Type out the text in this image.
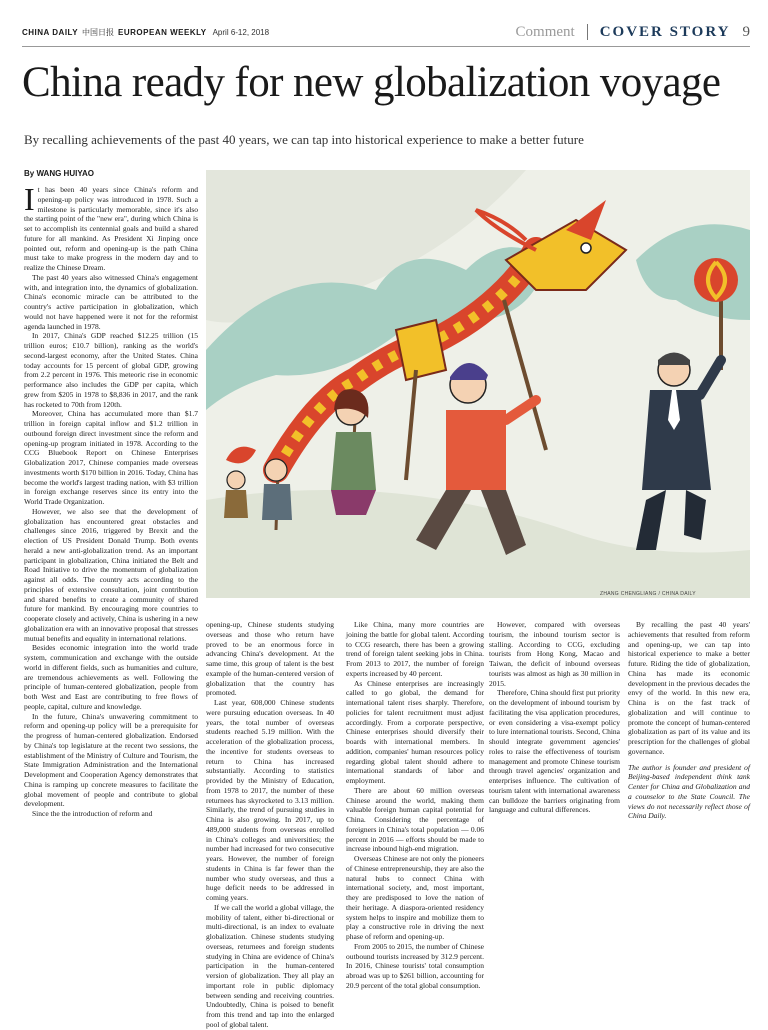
CHINA DAILY 中国日报 EUROPEAN WEEKLY April 6-12, 2018	Comment COVER STORY 9
China ready for new globalization voyage
By recalling achievements of the past 40 years, we can tap into historical experience to make a better future
By WANG HUIYAO

It has been 40 years since China's reform and opening-up policy was introduced in 1978. Such a milestone is particularly memorable, since it's also the starting point of the "new era", during which China is set to accomplish its centennial goals and build a shared future for all mankind. As President Xi Jinping once pointed out, reform and opening-up is the path China must take to make progress in the modern day and to realize the Chinese Dream.

The past 40 years also witnessed China's engagement with, and integration into, the dynamics of globalization. China's economic miracle can be attributed to the country's active participation in globalization, which would not have happened were it not for the reformist agenda launched in 1978.

In 2017, China's GDP reached $12.25 trillion (15 trillion euros; £10.7 billion), ranking as the world's second-largest economy, after the United States. China today accounts for 15 percent of global GDP, growing from 2.2 percent in 1976. This meteoric rise in economic performance also includes the GDP per capita, which grew from $205 in 1978 to $8,836 in 2017, and the rank has rocketed to 70th from 120th.

Moreover, China has accumulated more than $1.7 trillion in foreign capital inflow and $1.2 trillion in outbound foreign direct investment since the reform and opening-up program initiated in 1978. According to the CCG Bluebook Report on Chinese Enterprises Globalization 2017, Chinese companies made overseas investments worth $170 billion in 2016. Today, China has become the world's largest trading nation, with $3 trillion in foreign exchange reserves since its entry into the World Trade Organization.

However, we also see that the development of globalization has encountered great obstacles and challenges since 2016, triggered by Brexit and the election of US President Donald Trump. Both events herald a new anti-globalization trend. As an important participant in globalization, China initiated the Belt and Road Initiative to drive the momentum of globalization against all odds. The country acts according to the principles of extensive consultation, joint contribution and shared benefits to create a community of shared future for mankind. By encouraging more countries to cooperate closely and actively, China is ushering in a new globalization era with an innovative proposal that stresses mutual benefits and equality in international relations.

Besides economic integration into the world trade system, communication and exchange with the outside world in different fields, such as humanities and culture, are tremendous achievements as well. Following the principle of human-centered globalization, people from both West and East are contributing to free flows of people, capital, culture and knowledge.

In the future, China's unwavering commitment to reform and opening-up policy will be a prerequisite for the progress of human-centered globalization. Endorsed by China's top legislature at the recent two sessions, the establishment of the Ministry of Culture and Tourism, the State Immigration Administration and the International Development and Cooperation Agency demonstrates that China is ramping up concrete measures to facilitate the global movement of people and contribute to global development.

Since the the introduction of reform and

ZHANG CHENGLIANG / CHINA DAILY

opening-up, Chinese students studying overseas and those who return have proved to be an enormous force in advancing China's development. At the same time, this group of talent is the best example of the human-centered version of globalization that the country has promoted.

Last year, 608,000 Chinese students were pursuing education overseas. In 40 years, the total number of overseas students reached 5.19 million. With the acceleration of the globalization process, the incentive for students overseas to return to China has increased substantially. According to statistics provided by the Ministry of Education, from 1978 to 2017, the number of these returnees has skyrocketed to 3.13 million. Similarly, the trend of pursuing studies in China is also growing. In 2017, up to 489,000 students from overseas enrolled in China's colleges and universities; the number had increased for two consecutive years. However, the number of foreign students in China is far fewer than the number who study overseas, and thus a huge deficit needs to be addressed in coming years.

If we call the world a global village, the mobility of talent, either bi-directional or multi-directional, is an index to evaluate globalization. Chinese students studying overseas, returnees and foreign students studying in China are evidence of China's participation in the human-centered version of globalization. They all play an important role in public diplomacy between sending and receiving countries. Undoubtedly, China is poised to benefit from this trend and tap into the enlarged pool of global talent.

Like China, many more countries are joining the battle for global talent. According to CCG research, there has been a growing trend of foreign talent seeking jobs in China. From 2013 to 2017, the number of foreign experts increased by 40 percent.

As Chinese enterprises are increasingly called to go global, the demand for international talent rises sharply. Therefore, policies for talent recruitment must adjust accordingly. From a corporate perspective, Chinese enterprises should diversify their boards with international members. In addition, companies' human resources policy regarding global talent should adhere to international standards of labor and employment.

There are about 60 million overseas Chinese around the world, making them valuable foreign human capital potential for China. Considering the percentage of foreigners in China's total population — 0.06 percent in 2016 — efforts should be made to increase inbound high-end migration.

Overseas Chinese are not only the pioneers of Chinese entrepreneurship, they are also the natural hubs to connect China with international society, and, most important, they are predisposed to love the nation of their heritage. A diaspora-oriented residency system helps to inspire and mobilize them to play a constructive role in driving the next phase of reform and opening-up.

From 2005 to 2015, the number of Chinese outbound tourists increased by 312.9 percent. In 2016, Chinese tourists' total consumption abroad was up to $261 billion, accounting for 20.9 percent of the total global consumption.

However, compared with overseas tourism, the inbound tourism sector is stalling. According to CCG, excluding tourists from Hong Kong, Macao and Taiwan, the deficit of inbound overseas tourists was almost as high as 30 million in 2015.

Therefore, China should first put priority on the development of inbound tourism by facilitating the visa application procedures, or even considering a visa-exempt policy to lure international tourists. Second, China should integrate government agencies' roles to raise the effectiveness of tourism management and promote Chinese tourism through travel agencies' organization and enterprises influence. The cultivation of tourism talent with international awareness can bulldoze the barriers originating from language and cultural differences.

By recalling the past 40 years' achievements that resulted from reform and opening-up, we can tap into historical experience to make a better future. Riding the tide of globalization, China has made its economic development in the previous decades the envy of the world. In this new era, China is on the fast track of globalization and will continue to promote the concept of human-centered globalization as part of its value and its prescription for the challenges of global governance.

The author is founder and president of Beijing-based independent think tank Center for China and Globalization and a counselor to the State Council. The views do not necessarily reflect those of China Daily.
